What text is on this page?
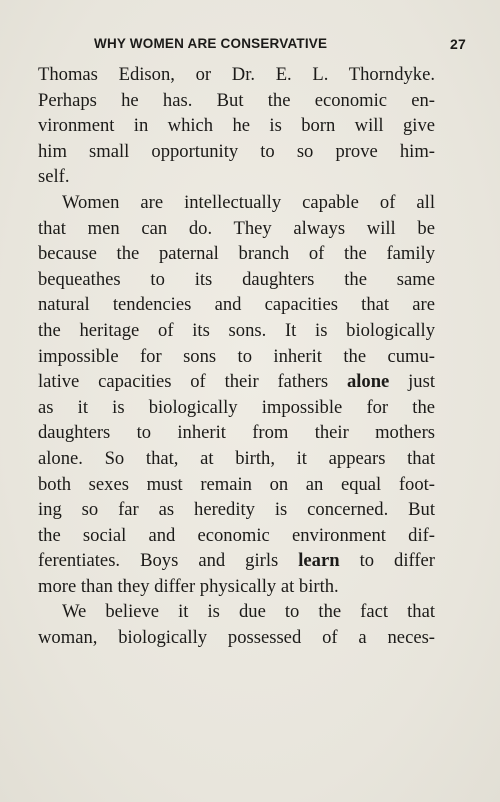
WHY WOMEN ARE CONSERVATIVE	27
Thomas Edison, or Dr. E. L. Thorndyke.
Perhaps he has. But the economic en-
vironment in which he is born will give
him small opportunity to so prove him-
self.
Women are intellectually capable of all
that men can do. They always will be
because the paternal branch of the family
bequeathes to its daughters the same
natural tendencies and capacities that are
the heritage of its sons. It is biologically
impossible for sons to inherit the cumu-
lative capacities of their fathers alone just
as it is biologically impossible for the
daughters to inherit from their mothers
alone. So that, at birth, it appears that
both sexes must remain on an equal foot-
ing so far as heredity is concerned. But
the social and economic environment dif-
ferentiates. Boys and girls learn to differ
more than they differ physically at birth.
We believe it is due to the fact that
woman, biologically possessed of a neces-
